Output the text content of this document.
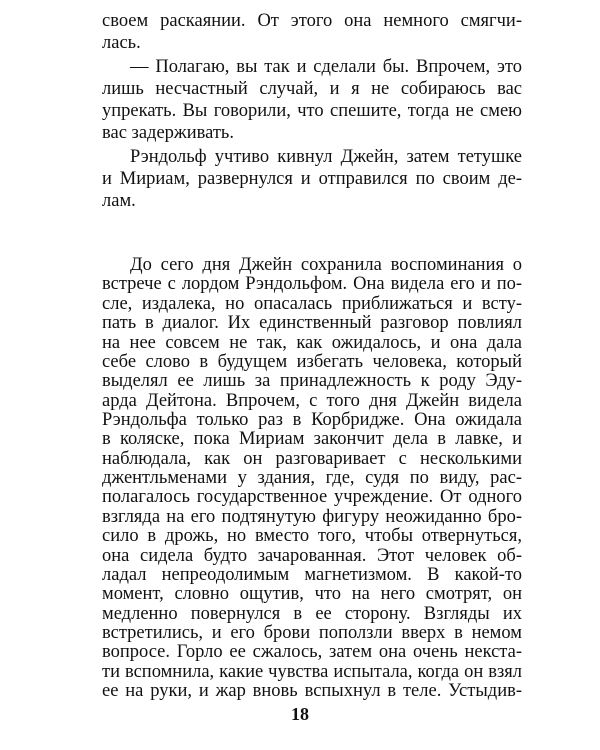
своем раскаянии. От этого она немного смягчи-
лась.
— Полагаю, вы так и сделали бы. Впрочем, это
лишь несчастный случай, и я не собираюсь вас
упрекать. Вы говорили, что спешите, тогда не смею
вас задерживать.
Рэндольф учтиво кивнул Джейн, затем тетушке
и Мириам, развернулся и отправился по своим де-
лам.
До сего дня Джейн сохранила воспоминания о
встрече с лордом Рэндольфом. Она видела его и по-
сле, издалека, но опасалась приближаться и всту-
пать в диалог. Их единственный разговор повлиял
на нее совсем не так, как ожидалось, и она дала
себе слово в будущем избегать человека, который
выделял ее лишь за принадлежность к роду Эду-
арда Дейтона. Впрочем, с того дня Джейн видела
Рэндольфа только раз в Корбридже. Она ожидала
в коляске, пока Мириам закончит дела в лавке, и
наблюдала, как он разговаривает с несколькими
джентльменами у здания, где, судя по виду, рас-
полагалось государственное учреждение. От одного
взгляда на его подтянутую фигуру неожиданно бро-
сило в дрожь, но вместо того, чтобы отвернуться,
она сидела будто зачарованная. Этот человек об-
ладал непреодолимым магнетизмом. В какой-то
момент, словно ощутив, что на него смотрят, он
медленно повернулся в ее сторону. Взгляды их
встретились, и его брови поползли вверх в немом
вопросе. Горло ее сжалось, затем она очень некста-
ти вспомнила, какие чувства испытала, когда он взял
ее на руки, и жар вновь вспыхнул в теле. Устыдив-
18
